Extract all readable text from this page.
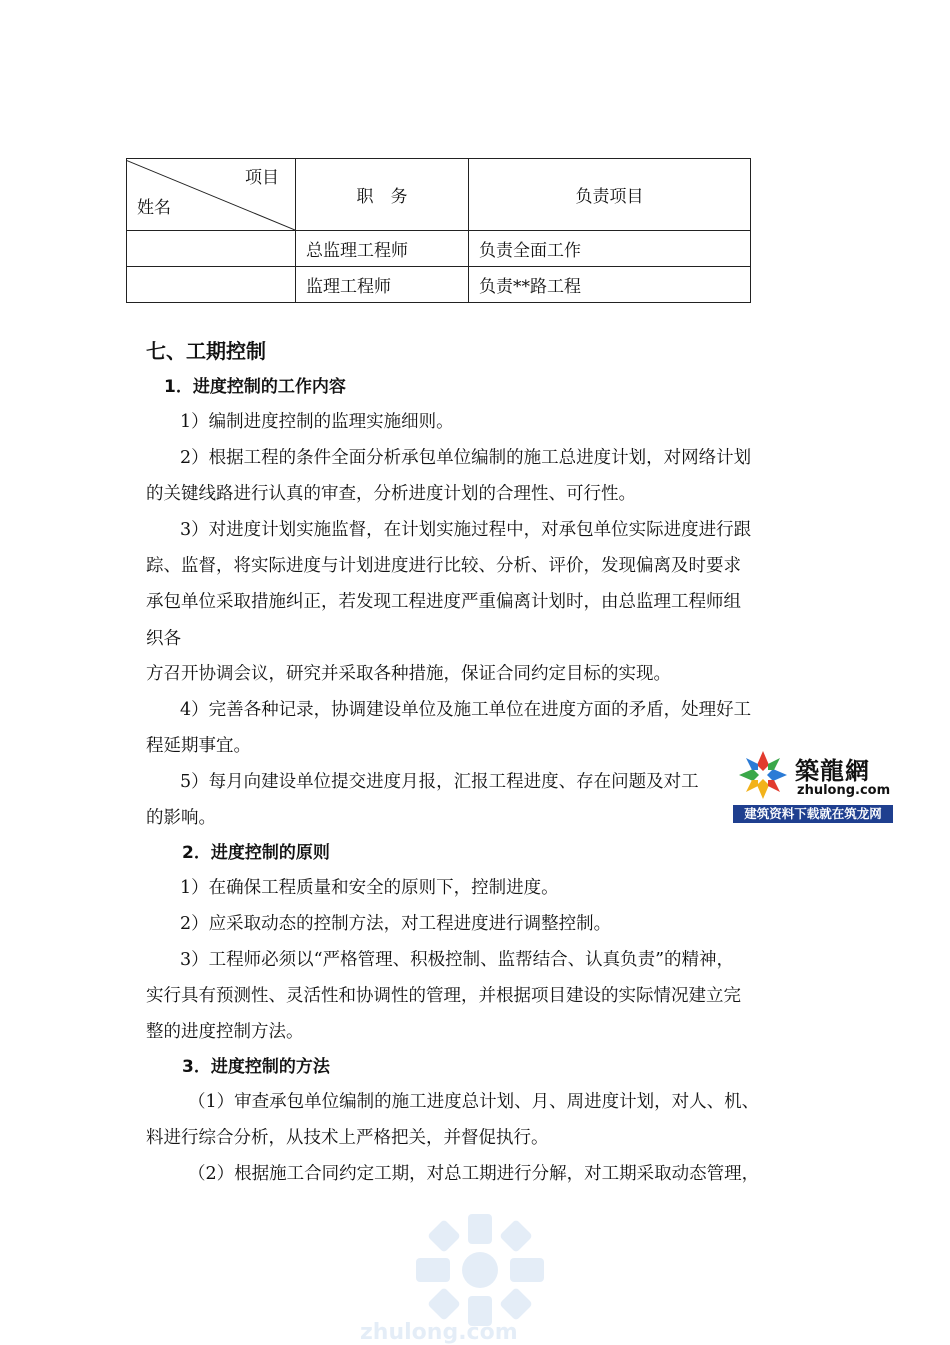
项目
姓名	职　务	负责项目
	总监理工程师	负责全面工作
	监理工程师	负责**路工程
七、工期控制
1．进度控制的工作内容
1）编制进度控制的监理实施细则。
2）根据工程的条件全面分析承包单位编制的施工总进度计划，对网络计划
的关键线路进行认真的审查，分析进度计划的合理性、可行性。
3）对进度计划实施监督，在计划实施过程中，对承包单位实际进度进行跟
踪、监督，将实际进度与计划进度进行比较、分析、评价，发现偏离及时要求
承包单位采取措施纠正，若发现工程进度严重偏离计划时，由总监理工程师组
织各
方召开协调会议，研究并采取各种措施，保证合同约定目标的实现。
4）完善各种记录，协调建设单位及施工单位在进度方面的矛盾，处理好工
程延期事宜。
5）每月向建设单位提交进度月报，汇报工程进度、存在问题及对工
的影响。
2．进度控制的原则
1）在确保工程质量和安全的原则下，控制进度。
2）应采取动态的控制方法，对工程进度进行调整控制。
3）工程师必须以“严格管理、积极控制、监帮结合、认真负责”的精神，
实行具有预测性、灵活性和协调性的管理，并根据项目建设的实际情况建立完
整的进度控制方法。
3．进度控制的方法
（1）审查承包单位编制的施工进度总计划、月、周进度计划，对人、机、
料进行综合分析，从技术上严格把关，并督促执行。
（2）根据施工合同约定工期，对总工期进行分解，对工期采取动态管理，
築龍網
zhulong.com
建筑资料下载就在筑龙网
zhulong.com
